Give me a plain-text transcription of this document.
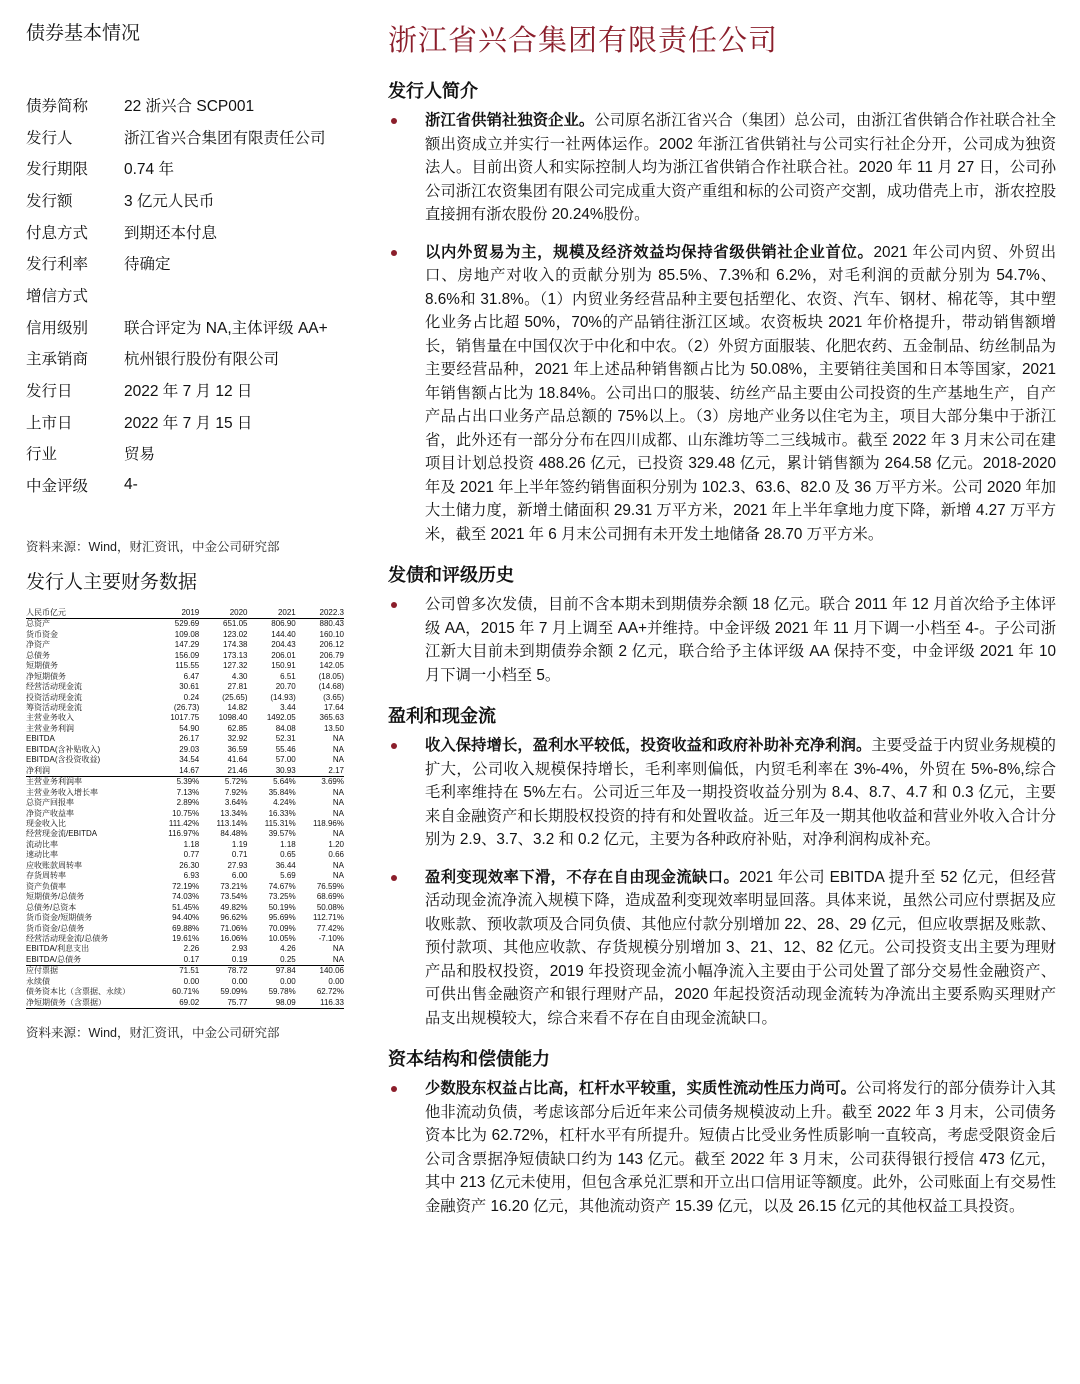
债券基本情况
债券简称	22 浙兴合 SCP001
发行人	浙江省兴合集团有限责任公司
发行期限	0.74 年
发行额	3 亿元人民币
付息方式	到期还本付息
发行利率	待确定
增信方式
信用级别	联合评定为 NA,主体评级 AA+
主承销商	杭州银行股份有限公司
发行日	2022 年 7 月 12 日
上市日	2022 年 7 月 15 日
行业	贸易
中金评级	4-
资料来源：Wind，财汇资讯，中金公司研究部
发行人主要财务数据
人民币亿元	2019	2020	2021	2022.3
总资产	529.69	651.05	806.90	880.43
货币资金	109.08	123.02	144.40	160.10
净资产	147.29	174.38	204.43	206.12
总债务	156.09	173.13	206.01	206.79
短期债务	115.55	127.32	150.91	142.05
净短期债务	6.47	4.30	6.51	(18.05)
经营活动现金流	30.61	27.81	20.70	(14.68)
投资活动现金流	0.24	(25.65)	(14.93)	(3.65)
筹资活动现金流	(26.73)	14.82	3.44	17.64
主营业务收入	1017.75	1098.40	1492.05	365.63
主营业务利润	54.90	62.85	84.08	13.50
EBITDA	26.17	32.92	52.31	NA
EBITDA(含补贴收入)	29.03	36.59	55.46	NA
EBITDA(含投资收益)	34.54	41.64	57.00	NA
净利润	14.67	21.46	30.93	2.17
主营业务利润率	5.39%	5.72%	5.64%	3.69%
主营业务收入增长率	7.13%	7.92%	35.84%	NA
总资产回报率	2.89%	3.64%	4.24%	NA
净资产收益率	10.75%	13.34%	16.33%	NA
现金收入比	111.42%	113.14%	115.31%	118.96%
经营现金流/EBITDA	116.97%	84.48%	39.57%	NA
流动比率	1.18	1.19	1.18	1.20
速动比率	0.77	0.71	0.65	0.66
应收账款周转率	26.30	27.93	36.44	NA
存货周转率	6.93	6.00	5.69	NA
资产负债率	72.19%	73.21%	74.67%	76.59%
短期债务/总债务	74.03%	73.54%	73.25%	68.69%
总债务/总资本	51.45%	49.82%	50.19%	50.08%
货币资金/短期债务	94.40%	96.62%	95.69%	112.71%
货币资金/总债务	69.88%	71.06%	70.09%	77.42%
经营活动现金流/总债务	19.61%	16.06%	10.05%	-7.10%
EBITDA/利息支出	2.26	2.93	4.26	NA
EBITDA/总债务	0.17	0.19	0.25	NA
应付票据	71.51	78.72	97.84	140.06
永续债	0.00	0.00	0.00	0.00
债务资本比（含票据、永续）	60.71%	59.09%	59.78%	62.72%
净短期债务（含票据）	69.02	75.77	98.09	116.33
资料来源：Wind，财汇资讯，中金公司研究部
浙江省兴合集团有限责任公司
发行人简介
浙江省供销社独资企业。公司原名浙江省兴合（集团）总公司，由浙江省供销合作社联合社全额出资成立并实行一社两体运作。2002 年浙江省供销社与公司实行社企分开，公司成为独资法人。目前出资人和实际控制人均为浙江省供销合作社联合社。2020 年 11 月 27 日，公司孙公司浙江农资集团有限公司完成重大资产重组和标的公司资产交割，成功借壳上市，浙农控股直接拥有浙农股份 20.24%股份。
以内外贸易为主，规模及经济效益均保持省级供销社企业首位。2021 年公司内贸、外贸出口、房地产对收入的贡献分别为 85.5%、7.3%和 6.2%，对毛利润的贡献分别为 54.7%、8.6%和 31.8%。（1）内贸业务经营品种主要包括塑化、农资、汽车、钢材、棉花等，其中塑化业务占比超 50%，70%的产品销往浙江区域。农资板块 2021 年价格提升，带动销售额增长，销售量在中国仅次于中化和中农。（2）外贸方面服装、化肥农药、五金制品、纺丝制品为主要经营品种，2021 年上述品种销售额占比为 50.08%，主要销往美国和日本等国家，2021 年销售额占比为 18.84%。公司出口的服装、纺丝产品主要由公司投资的生产基地生产，自产产品占出口业务产品总额的 75%以上。（3）房地产业务以住宅为主，项目大部分集中于浙江省，此外还有一部分分布在四川成都、山东潍坊等二三线城市。截至 2022 年 3 月末公司在建项目计划总投资 488.26 亿元，已投资 329.48 亿元，累计销售额为 264.58 亿元。2018-2020 年及 2021 年上半年签约销售面积分别为 102.3、63.6、82.0 及 36 万平方米。公司 2020 年加大土储力度，新增土储面积 29.31 万平方米，2021 年上半年拿地力度下降，新增 4.27 万平方米，截至 2021 年 6 月末公司拥有未开发土地储备 28.70 万平方米。
发债和评级历史
公司曾多次发债，目前不含本期未到期债券余额 18 亿元。联合 2011 年 12 月首次给予主体评级 AA，2015 年 7 月上调至 AA+并维持。中金评级 2021 年 11 月下调一小档至 4-。子公司浙江新大目前未到期债券余额 2 亿元，联合给予主体评级 AA 保持不变，中金评级 2021 年 10 月下调一小档至 5。
盈利和现金流
收入保持增长，盈利水平较低，投资收益和政府补助补充净利润。主要受益于内贸业务规模的扩大，公司收入规模保持增长，毛利率则偏低，内贸毛利率在 3%-4%，外贸在 5%-8%,综合毛利率维持在 5%左右。公司近三年及一期投资收益分别为 8.4、8.7、4.7 和 0.3 亿元，主要来自金融资产和长期股权投资的持有和处置收益。近三年及一期其他收益和营业外收入合计分别为 2.9、3.7、3.2 和 0.2 亿元，主要为各种政府补贴，对净利润构成补充。
盈利变现效率下滑，不存在自由现金流缺口。2021 年公司 EBITDA 提升至 52 亿元，但经营活动现金流净流入规模下降，造成盈利变现效率明显回落。具体来说，虽然公司应付票据及应收账款、预收款项及合同负债、其他应付款分别增加 22、28、29 亿元，但应收票据及账款、预付款项、其他应收款、存货规模分别增加 3、21、12、82 亿元。公司投资支出主要为理财产品和股权投资，2019 年投资现金流小幅净流入主要由于公司处置了部分交易性金融资产、可供出售金融资产和银行理财产品，2020 年起投资活动现金流转为净流出主要系购买理财产品支出规模较大，综合来看不存在自由现金流缺口。
资本结构和偿债能力
少数股东权益占比高，杠杆水平较重，实质性流动性压力尚可。公司将发行的部分债券计入其他非流动负债，考虑该部分后近年来公司债务规模波动上升。截至 2022 年 3 月末，公司债务资本比为 62.72%，杠杆水平有所提升。短债占比受业务性质影响一直较高，考虑受限资金后公司含票据净短债缺口约为 143 亿元。截至 2022 年 3 月末，公司获得银行授信 473 亿元，其中 213 亿元未使用，但包含承兑汇票和开立出口信用证等额度。此外，公司账面上有交易性金融资产 16.20 亿元，其他流动资产 15.39 亿元，以及 26.15 亿元的其他权益工具投资。
